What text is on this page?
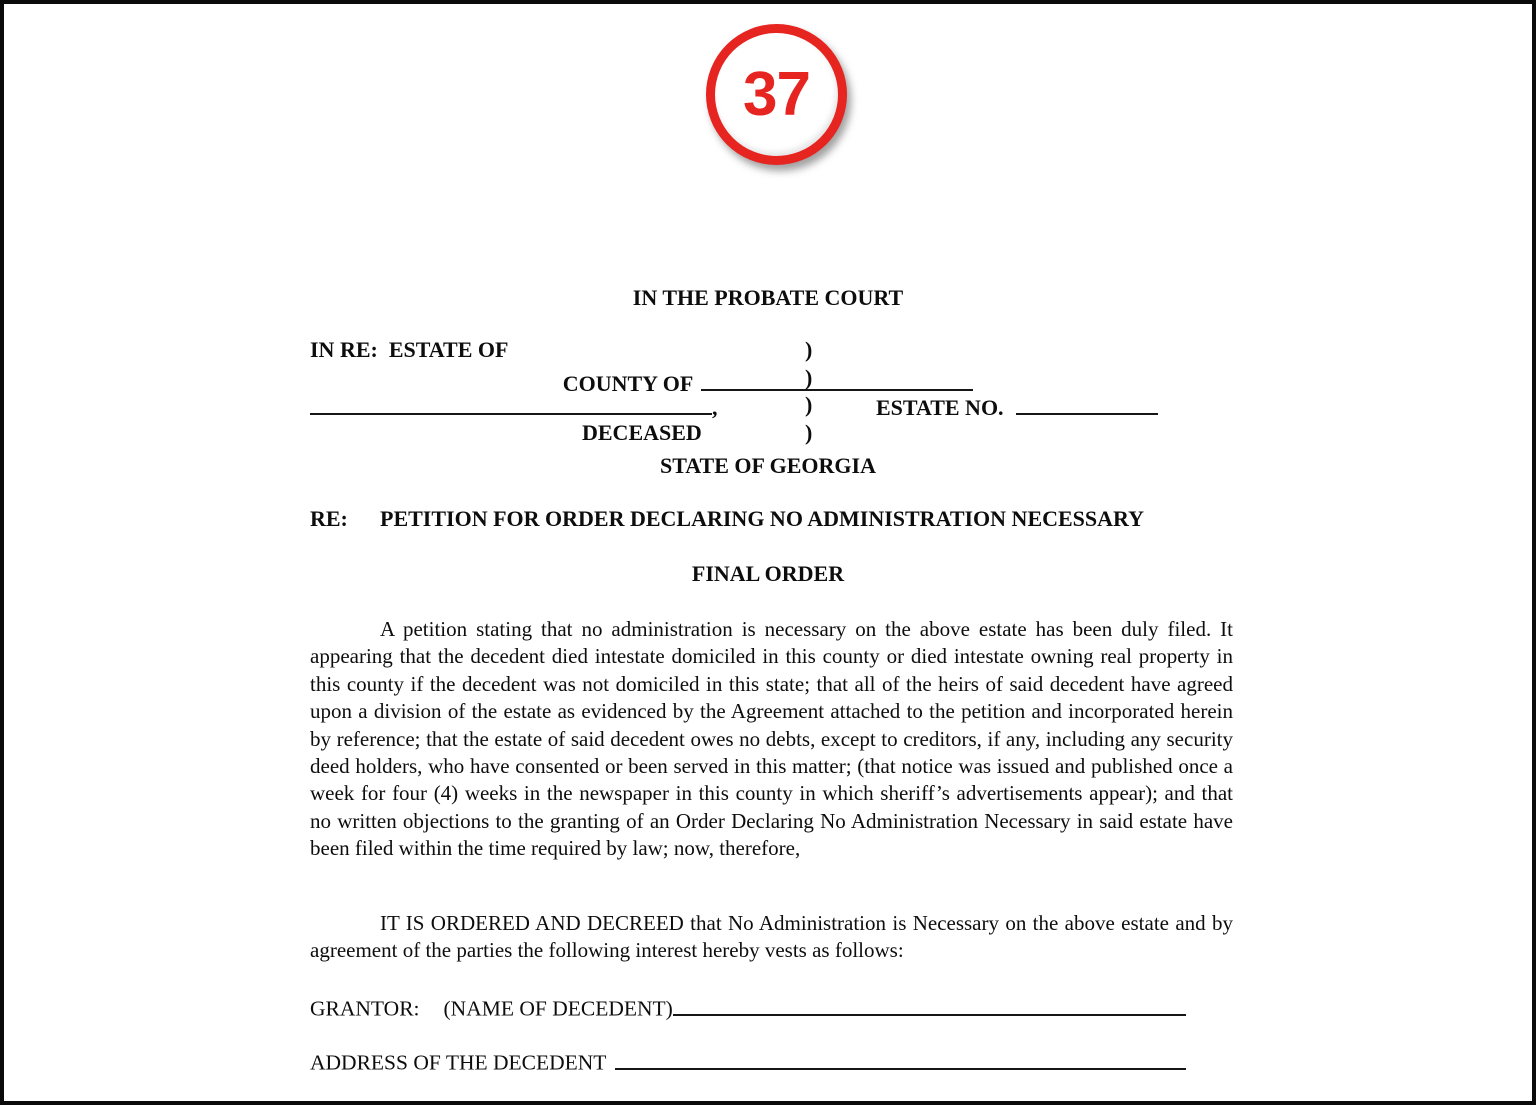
37

IN THE PROBATE COURT

COUNTY OF

STATE OF GEORGIA

IN RE:  ESTATE OF	)
)
)
)
,	ESTATE NO.
DECEASED
RE: PETITION FOR ORDER DECLARING NO ADMINISTRATION NECESSARY
FINAL ORDER

A petition stating that no administration is necessary on the above estate has been duly filed. It appearing that the decedent died intestate domiciled in this county or died intestate owning real property in this county if the decedent was not domiciled in this state; that all of the heirs of said decedent have agreed upon a division of the estate as evidenced by the Agreement attached to the petition and incorporated herein by reference; that the estate of said decedent owes no debts, except to creditors, if any, including any security deed holders, who have consented or been served in this matter; (that notice was issued and published once a week for four (4) weeks in the newspaper in this county in which sheriff’s advertisements appear); and that no written objections to the granting of an Order Declaring No Administration Necessary in said estate have been filed within the time required by law; now, therefore,

IT IS ORDERED AND DECREED that No Administration is Necessary on the above estate and by agreement of the parties the following interest hereby vests as follows:

GRANTOR: (NAME OF DECEDENT)
ADDRESS OF THE DECEDENT
